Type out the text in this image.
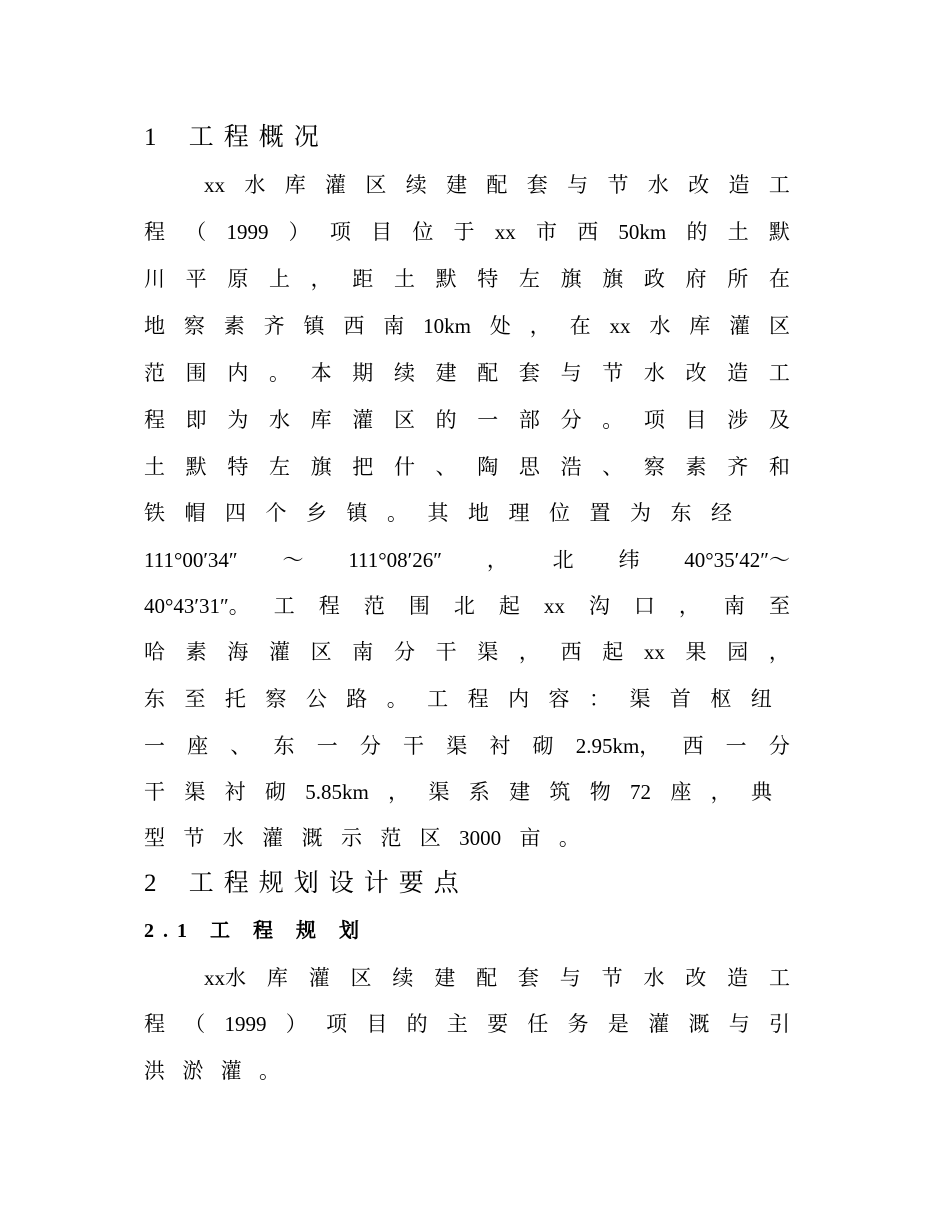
1 工程概况
xx 水 库 灌 区 续 建 配 套 与 节 水 改 造 工
程 （ 1999 ） 项 目 位 于 xx 市 西 50km 的 土 默
川 平 原 上 ， 距 土 默 特 左 旗 旗 政 府 所 在
地 察 素 齐 镇 西 南 10km 处 ， 在 xx 水 库 灌 区
范 围 内 。 本 期 续 建 配 套 与 节 水 改 造 工
程 即 为 水 库 灌 区 的 一 部 分 。 项 目 涉 及
土 默 特 左 旗 把 什 、 陶 思 浩 、 察 素 齐 和
铁 帽 四 个 乡 镇 。 其 地 理 位 置 为 东 经
111°00′34″ ～ 111°08′26″ ， 北 纬 40°35′42″～
40°43′31″。 工 程 范 围 北 起 xx 沟 口 ， 南 至
哈 素 海 灌 区 南 分 干 渠 ， 西 起 xx 果 园 ，
东 至 托 察 公 路 。 工 程 内 容 ： 渠 首 枢 纽
一 座 、 东 一 分 干 渠 衬 砌 2.95km， 西 一 分
干 渠 衬 砌 5.85km ， 渠 系 建 筑 物 72 座 ， 典
型 节 水 灌 溉 示 范 区 3000 亩 。
2 工程规划设计要点
2.1 工 程 规 划
xx水 库 灌 区 续 建 配 套 与 节 水 改 造 工
程 （ 1999 ） 项 目 的 主 要 任 务 是 灌 溉 与 引
洪 淤 灌 。
